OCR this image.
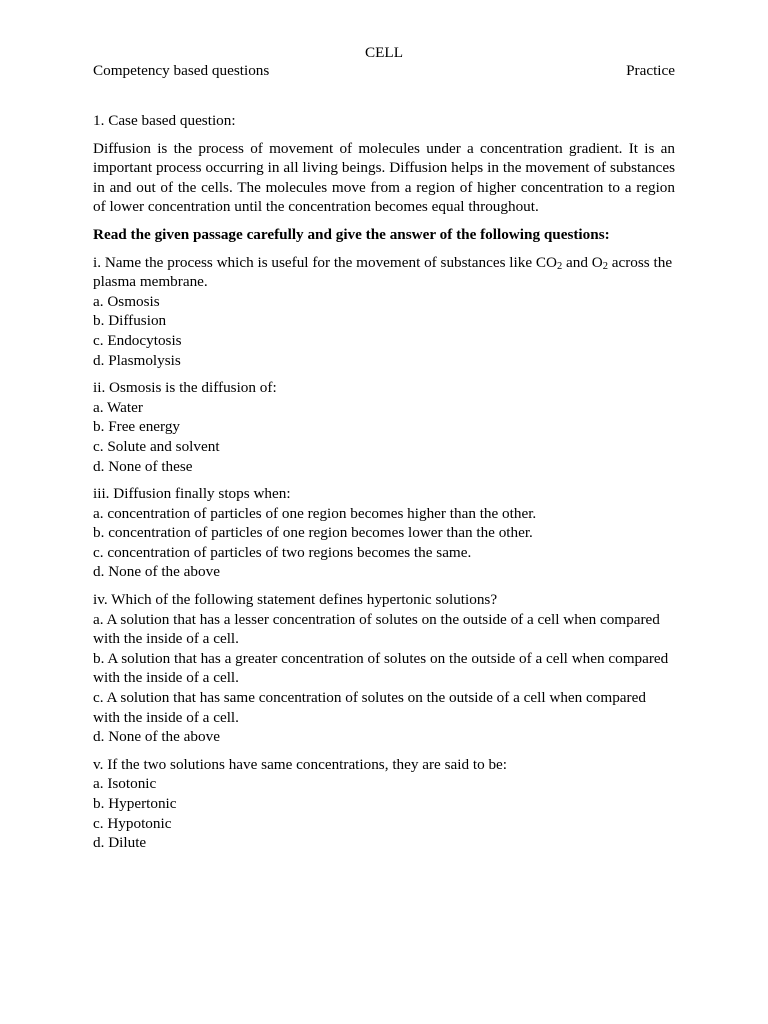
CELL

Competency based questions	Practice
1. Case based question:
Diffusion is the process of movement of molecules under a concentration gradient. It is an important process occurring in all living beings. Diffusion helps in the movement of substances in and out of the cells. The molecules move from a region of higher concentration to a region of lower concentration until the concentration becomes equal throughout.
Read the given passage carefully and give the answer of the following questions:

i. Name the process which is useful for the movement of substances like $CO_2$ and $O_2$ across the plasma membrane.

a. Osmosis
b. Diffusion
c. Endocytosis
d. Plasmolysis

ii. Osmosis is the diffusion of:

a. Water
b. Free energy
c. Solute and solvent
d. None of these

iii. Diffusion finally stops when:

a. concentration of particles of one region becomes higher than the other.
b. concentration of particles of one region becomes lower than the other.
c. concentration of particles of two regions becomes the same.
d. None of the above

iv. Which of the following statement defines hypertonic solutions?

a. A solution that has a lesser concentration of solutes on the outside of a cell when compared with the inside of a cell.
b. A solution that has a greater concentration of solutes on the outside of a cell when compared with the inside of a cell.
c. A solution that has same concentration of solutes on the outside of a cell when compared with the inside of a cell.
d. None of the above

v. If the two solutions have same concentrations, they are said to be:

a. Isotonic
b. Hypertonic
c. Hypotonic
d. Dilute
